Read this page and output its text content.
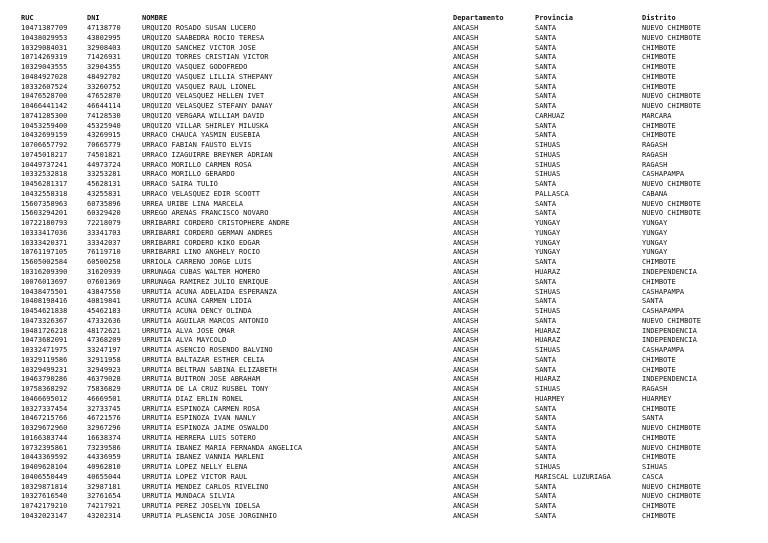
RUC	DNI	NOMBRE	Departamento	Provincia	Distrito
10471387709	47138770	URQUIZO ROSADO SUSAN LUCERO	ANCASH	SANTA	NUEVO CHIMBOTE
10438029953	43802995	URQUIZO SAABEDRA ROCIO TERESA	ANCASH	SANTA	NUEVO CHIMBOTE
10329084031	32908403	URQUIZO SANCHEZ VICTOR JOSE	ANCASH	SANTA	CHIMBOTE
10714269319	71426931	URQUIZO TORRES CRISTIAN VICTOR	ANCASH	SANTA	CHIMBOTE
10329043555	32904355	URQUIZO VASQUEZ GODOFREDO	ANCASH	SANTA	CHIMBOTE
10484927028	48492702	URQUIZO VASQUEZ LILLIA STHEPANY	ANCASH	SANTA	CHIMBOTE
10332607524	33260752	URQUIZO VASQUEZ RAUL LIONEL	ANCASH	SANTA	CHIMBOTE
10476528700	47652870	URQUIZO VELASQUEZ HELLEN IVET	ANCASH	SANTA	NUEVO CHIMBOTE
10466441142	46644114	URQUIZO VELASQUEZ STEFANY DANAY	ANCASH	SANTA	NUEVO CHIMBOTE
10741285300	74128530	URQUIZO VERGARA WILLIAM DAVID	ANCASH	CARHUAZ	MARCARA
10453259400	45325940	URQUIZO VILLAR SHIRLEY MILUSKA	ANCASH	SANTA	CHIMBOTE
10432699159	43269915	URRACO CHAUCA YASMIN EUSEBIA	ANCASH	SANTA	CHIMBOTE
10706657792	70665779	URRACO FABIAN FAUSTO ELVIS	ANCASH	SIHUAS	RAGASH
10745018217	74501821	URRACO IZAGUIRRE BREYNER ADRIAN	ANCASH	SIHUAS	RAGASH
10449737241	44973724	URRACO MORILLO CARMEN ROSA	ANCASH	SIHUAS	RAGASH
10332532818	33253281	URRACO MORILLO GERARDO	ANCASH	SIHUAS	CASHAPAMPA
10456281317	45628131	URRACO SAIRA TULIO	ANCASH	SANTA	NUEVO CHIMBOTE
10432558318	43255831	URRACO VELASQUEZ EDIR SCOOTT	ANCASH	PALLASCA	CABANA
15607358963	60735896	URREA URIBE LINA MARCELA	ANCASH	SANTA	NUEVO CHIMBOTE
15603294201	60329420	URREGO ARENAS FRANCISCO NOVARO	ANCASH	SANTA	NUEVO CHIMBOTE
10722180793	72218079	URRIBARRI CORDERO CRISTOPHERE ANDRE	ANCASH	YUNGAY	YUNGAY
10333417036	33341703	URRIBARRI CORDERO GERMAN ANDRES	ANCASH	YUNGAY	YUNGAY
10333420371	33342037	URRIBARRI CORDERO KIKO EDGAR	ANCASH	YUNGAY	YUNGAY
10761197105	76119710	URRIBARRI LINO ANGHELY ROCIO	ANCASH	YUNGAY	YUNGAY
15605002584	60500258	URRIOLA CARREÑO JORGE LUIS	ANCASH	SANTA	CHIMBOTE
10316209390	31620939	URRUNAGA CUBAS WALTER HOMERO	ANCASH	HUARAZ	INDEPENDENCIA
10076013697	07601369	URRUNAGA RAMIREZ JULIO ENRIQUE	ANCASH	SANTA	CHIMBOTE
10438475501	43847550	URRUTIA ACUÑA ADELAIDA ESPERANZA	ANCASH	SIHUAS	CASHAPAMPA
10408198416	40819841	URRUTIA ACUÑA CARMEN LIDIA	ANCASH	SANTA	SANTA
10454621838	45462183	URRUTIA ACUÑA DENCY OLINDA	ANCASH	SIHUAS	CASHAPAMPA
10473326367	47332636	URRUTIA AGUILAR MARCOS ANTONIO	ANCASH	SANTA	NUEVO CHIMBOTE
10481726218	48172621	URRUTIA ALVA JOSE OMAR	ANCASH	HUARAZ	INDEPENDENCIA
10473682091	47368209	URRUTIA ALVA MAYCOLD	ANCASH	HUARAZ	INDEPENDENCIA
10332471975	33247197	URRUTIA ASENCIO ROSENDO BALVINO	ANCASH	SIHUAS	CASHAPAMPA
10329119586	32911958	URRUTIA BALTAZAR ESTHER CELIA	ANCASH	SANTA	CHIMBOTE
10329499231	32949923	URRUTIA BELTRAN SABINA ELIZABETH	ANCASH	SANTA	CHIMBOTE
10463790286	46379028	URRUTIA BUITRON JOSE ABRAHAM	ANCASH	HUARAZ	INDEPENDENCIA
10758368292	75836829	URRUTIA DE LA CRUZ RUSBEL TONY	ANCASH	SIHUAS	RAGASH
10466695012	46669501	URRUTIA DIAZ ERLIN RONEL	ANCASH	HUARMEY	HUARMEY
10327337454	32733745	URRUTIA ESPINOZA CARMEN ROSA	ANCASH	SANTA	CHIMBOTE
10467215766	46721576	URRUTIA ESPINOZA IVAN NANLY	ANCASH	SANTA	SANTA
10329672960	32967296	URRUTIA ESPINOZA JAIME OSWALDO	ANCASH	SANTA	NUEVO CHIMBOTE
10166383744	16638374	URRUTIA HERRERA LUIS SOTERO	ANCASH	SANTA	CHIMBOTE
10732395861	73239586	URRUTIA IBAÑEZ MARIA FERNANDA ANGELICA	ANCASH	SANTA	NUEVO CHIMBOTE
10443369592	44336959	URRUTIA IBAÑEZ VANNIA MARLENI	ANCASH	SANTA	CHIMBOTE
10409628104	40962810	URRUTIA LOPEZ NELLY ELENA	ANCASH	SIHUAS	SIHUAS
10406550449	40655044	URRUTIA LOPEZ VICTOR RAUL	ANCASH	MARISCAL LUZURIAGA	CASCA
10329871814	32987181	URRUTIA MENDEZ CARLOS RIVELINO	ANCASH	SANTA	NUEVO CHIMBOTE
10327616540	32761654	URRUTIA MUNDACA SILVIA	ANCASH	SANTA	NUEVO CHIMBOTE
10742179210	74217921	URRUTIA PEREZ JOSELYN IDELSA	ANCASH	SANTA	CHIMBOTE
10432023147	43202314	URRUTIA PLASENCIA JOSE JORGINHIO	ANCASH	SANTA	CHIMBOTE
